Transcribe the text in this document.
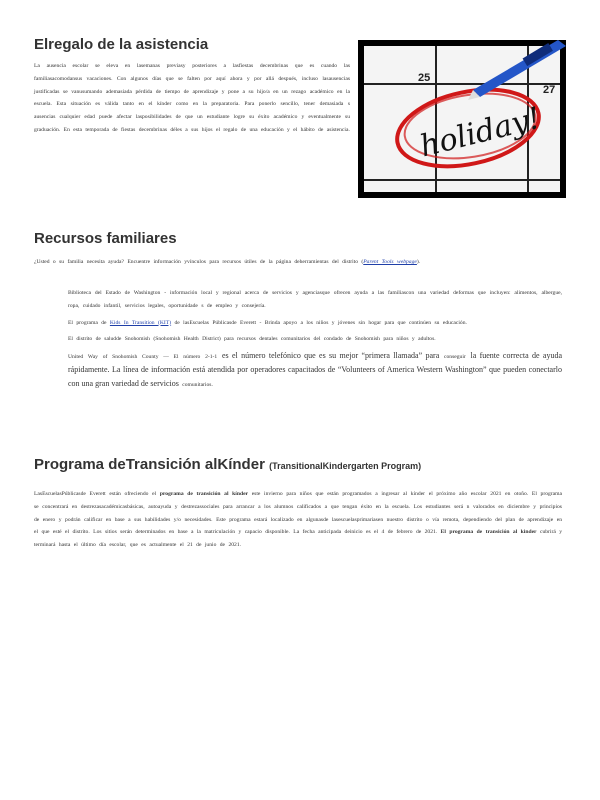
Elregalo de la asistencia
La ausencia escolar se eleva en lasemanas previasy posteriores a lasfiestas decembrinas que es cuando las familiasacomodansus vacaciones. Con algunos días que se falten por aquí ahora y por allá después, incluso lasausencias justificadas se vanusumando ademasiada pérdida de tiempo de aprendizaje y pone a su hijo/a en un rezago académico en la escuela. Esta situación es válida tanto en el kínder como en la preparatoria. Para ponerlo sencillo, tener demasiada s ausencias cualquier edad puede afectar lasposibilidades de que un estudiante logre su éxito académico y eventualmente su graduación. En esta temporada de fiestas decembrinas déles a sus hijos el regalo de una educación y el hábito de asistencia.
25
27
holiday!
Recursos familiares
¿Usted o su familia necesita ayuda? Encuentre información yvínculos para recursos útiles de la página deherramientas del distrito (Parent Tools webpage).
Biblioteca del Estado de Washington - información local y regional acerca de servicios y agenciasque ofrecen ayuda a las familiascon una variedad deformas que incluyen: alimentos, albergue, ropa, cuidado infantil, servicios legales, oportunidade s de empleo y consejería.
El programa de Kids In Transition (KIT) de lasEscuelas Públicasde Everett - Brinda apoyo a los niños y jóvenes sin hogar para que continúen su educación.
El distrito de saludde Snohomish (Snohomish Health District) para recursos dentales comunitarios del condado de Snohomish para niños y adultos.
United Way of Snohomish County — El número 2-1-1 es el número telefónico que es su mejor “primera llamada” para conseguir la fuente correcta de ayuda rápidamente. La línea de información está atendida por operadores capacitados de “Volunteers of America Western Washington” que pueden conectarlo con una gran variedad de servicios comunitarios.
Programa deTransición alKínder (TransitionalKindergarten Program)
LasEscuelasPúblicasde Everett están ofreciendo el programa de transición al kínder este invierno para niños que están programados a ingresar al kínder el próximo año escolar 2021 en otoño. El programa se concentrará en destrezasacadémicasbásicas, autoayuda y destrezassociales para arrancar a los alumnos calificados a que tengan éxito en la escuela. Los estudiantes será n valorados en diciembre y principios de enero y podrán calificar en base a sus habilidades y/o necesidades. Este programa estará localizado en algunasde lasescuelasprimariasen nuestro distrito o vía remota, dependiendo del plan de aprendizaje en el que esté el distrito. Los sitios serán determinados en base a la matriculación y capacio disponible. La fecha anticipada deinicio es el 4 de febrero de 2021. El programa de transición al kinder cubrirá y terminará hasta el último día escolar, que es actualmente el 21 de junio de 2021.
